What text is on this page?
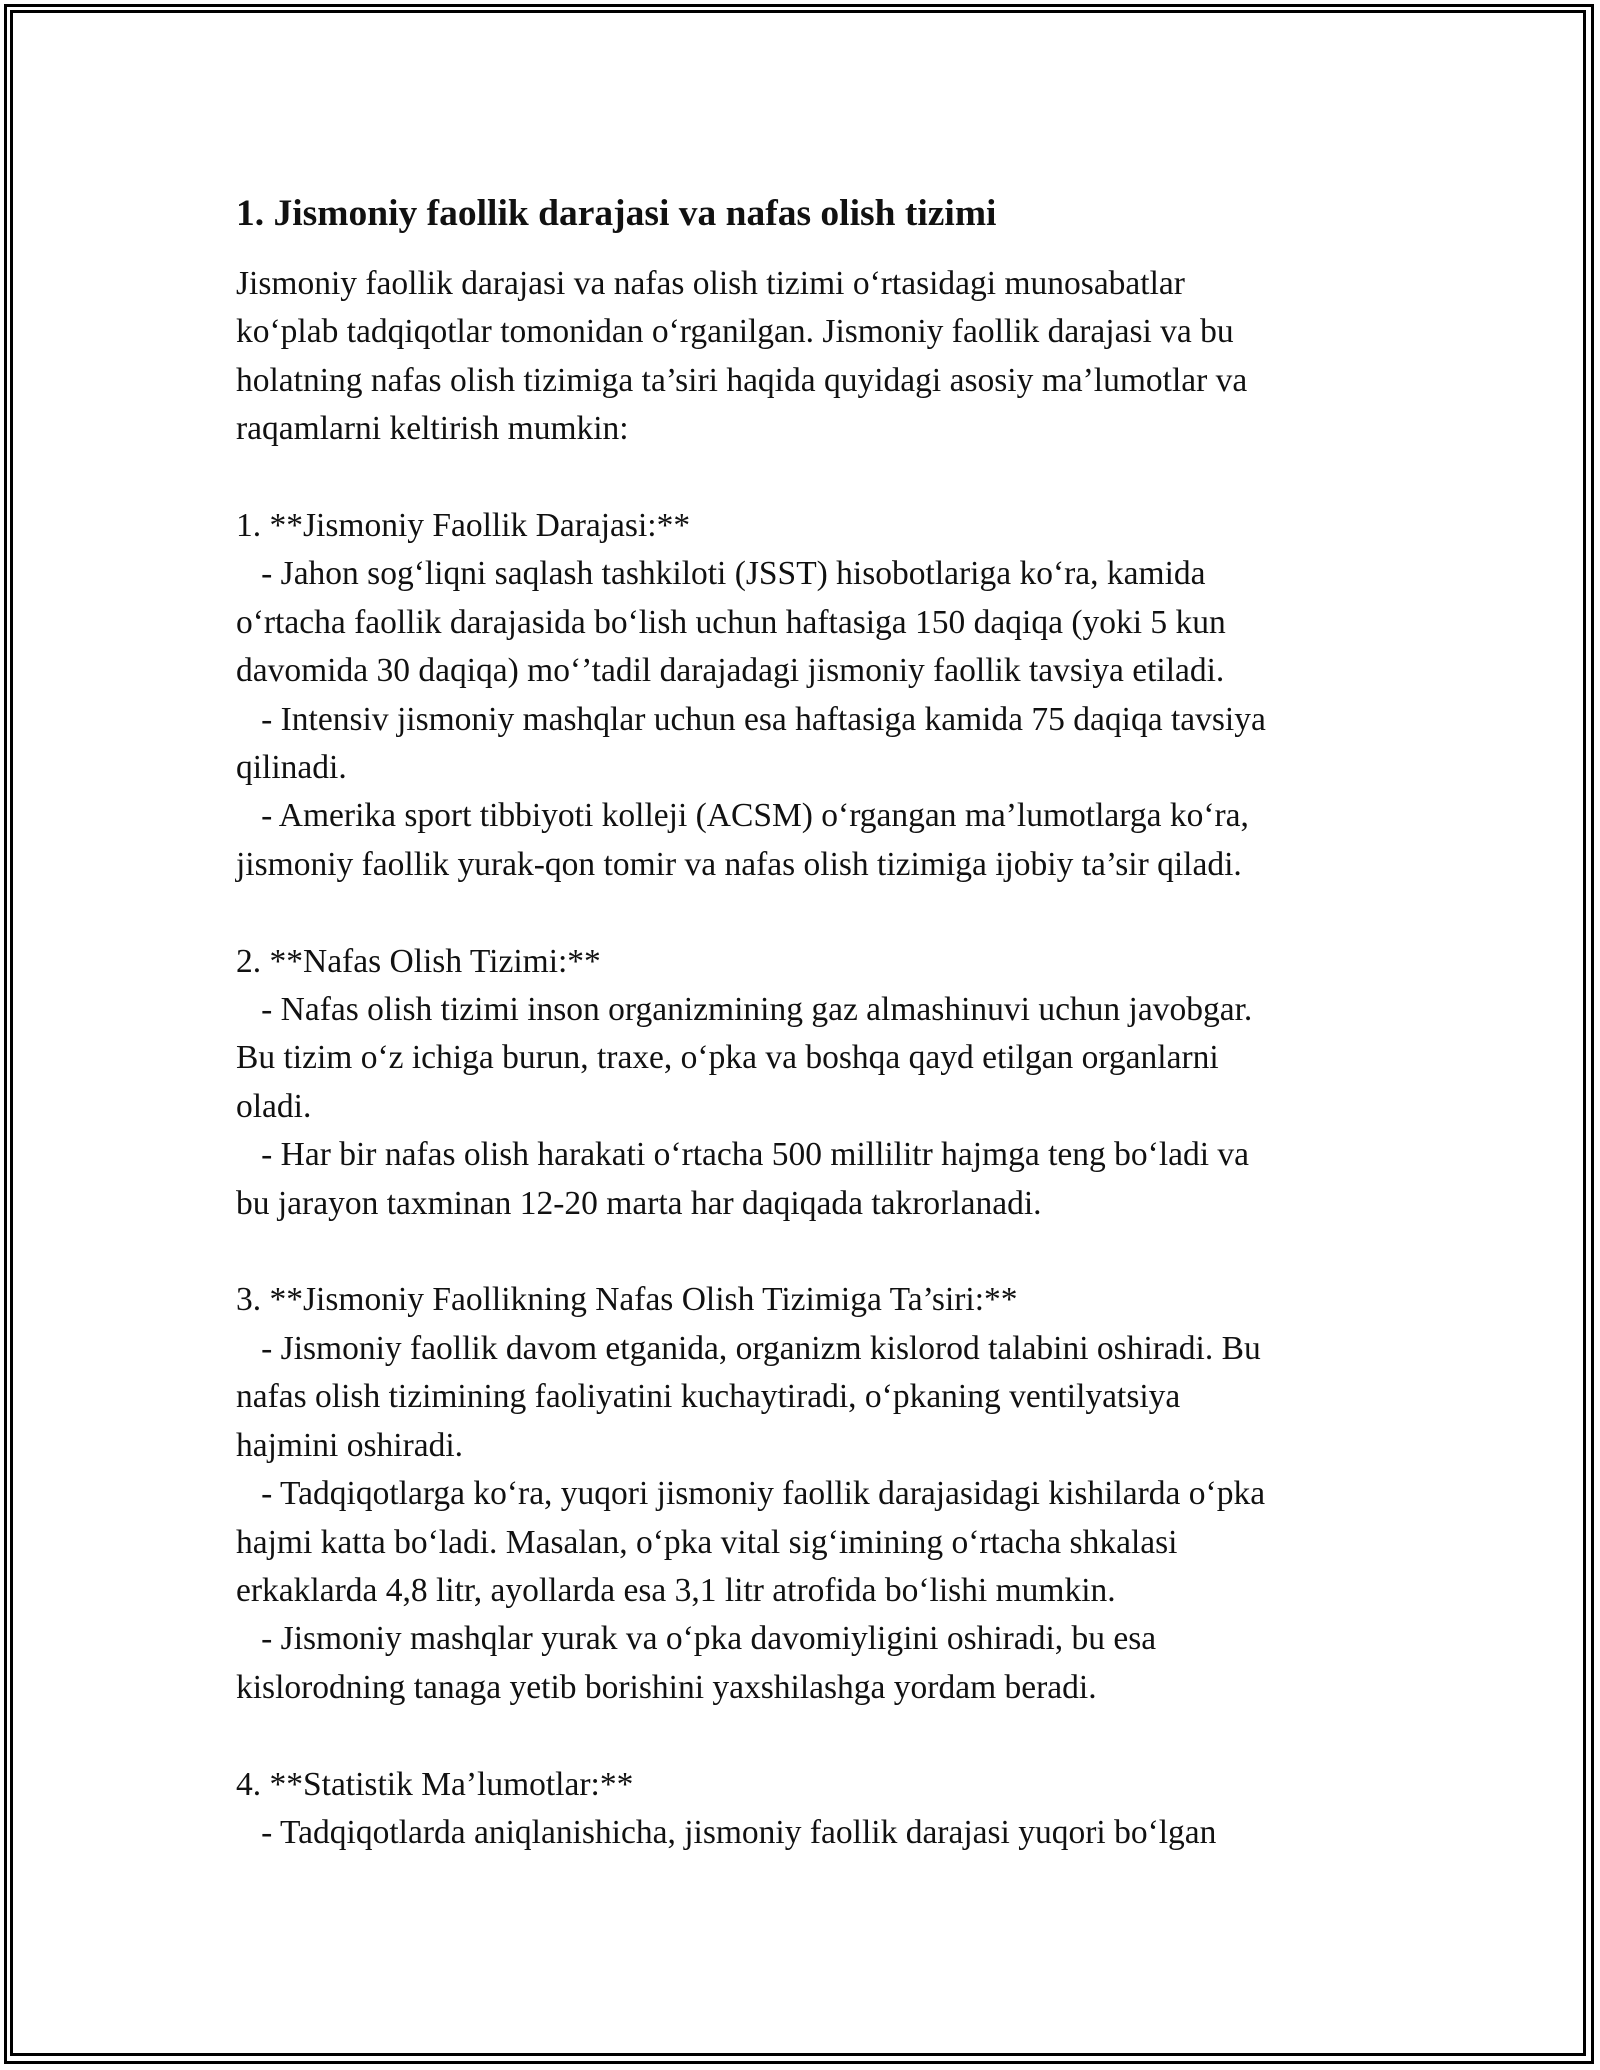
1. Jismoniy faollik darajasi va nafas olish tizimi
Jismoniy faollik darajasi va nafas olish tizimi o‘rtasidagi munosabatlar
ko‘plab tadqiqotlar tomonidan o‘rganilgan. Jismoniy faollik darajasi va bu
holatning nafas olish tizimiga ta’siri haqida quyidagi asosiy ma’lumotlar va
raqamlarni keltirish mumkin:
1. **Jismoniy Faollik Darajasi:**
- Jahon sog‘liqni saqlash tashkiloti (JSST) hisobotlariga ko‘ra, kamida
o‘rtacha faollik darajasida bo‘lish uchun haftasiga 150 daqiqa (yoki 5 kun
davomida 30 daqiqa) mo‘’tadil darajadagi jismoniy faollik tavsiya etiladi.
- Intensiv jismoniy mashqlar uchun esa haftasiga kamida 75 daqiqa tavsiya
qilinadi.
- Amerika sport tibbiyoti kolleji (ACSM) o‘rgangan ma’lumotlarga ko‘ra,
jismoniy faollik yurak-qon tomir va nafas olish tizimiga ijobiy ta’sir qiladi.
2. **Nafas Olish Tizimi:**
- Nafas olish tizimi inson organizmining gaz almashinuvi uchun javobgar.
Bu tizim o‘z ichiga burun, traxe, o‘pka va boshqa qayd etilgan organlarni
oladi.
- Har bir nafas olish harakati o‘rtacha 500 millilitr hajmga teng bo‘ladi va
bu jarayon taxminan 12-20 marta har daqiqada takrorlanadi.
3. **Jismoniy Faollikning Nafas Olish Tizimiga Ta’siri:**
- Jismoniy faollik davom etganida, organizm kislorod talabini oshiradi. Bu
nafas olish tizimining faoliyatini kuchaytiradi, o‘pkaning ventilyatsiya
hajmini oshiradi.
- Tadqiqotlarga ko‘ra, yuqori jismoniy faollik darajasidagi kishilarda o‘pka
hajmi katta bo‘ladi. Masalan, o‘pka vital sig‘imining o‘rtacha shkalasi
erkaklarda 4,8 litr, ayollarda esa 3,1 litr atrofida bo‘lishi mumkin.
- Jismoniy mashqlar yurak va o‘pka davomiyligini oshiradi, bu esa
kislorodning tanaga yetib borishini yaxshilashga yordam beradi.
4. **Statistik Ma’lumotlar:**
- Tadqiqotlarda aniqlanishicha, jismoniy faollik darajasi yuqori bo‘lgan
